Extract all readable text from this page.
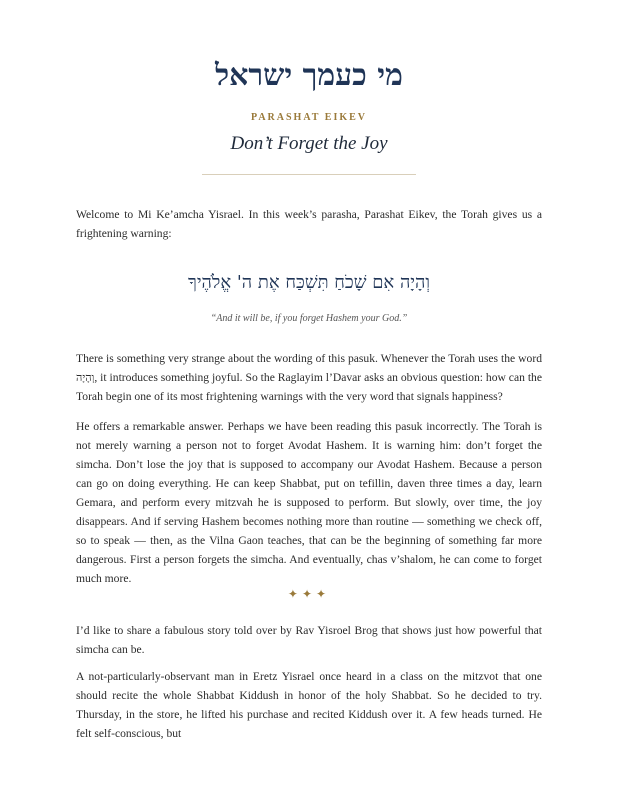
מי כעמך ישראל
PARASHAT EIKEV
Don’t Forget the Joy

Welcome to Mi Ke’amcha Yisrael. In this week’s parasha, Parashat Eikev, the Torah gives us a frightening warning:

וְהָיָה אִם שָׁכֹחַ תִּשְׁכַּח אֶת ה' אֱלֹהֶיךָ
“And it will be, if you forget Hashem your God.”

There is something very strange about the wording of this pasuk. Whenever the Torah uses the word וְהָיָה, it introduces something joyful. So the Raglayim l’Davar asks an obvious question: how can the Torah begin one of its most frightening warnings with the very word that signals happiness?

He offers a remarkable answer. Perhaps we have been reading this pasuk incorrectly. The Torah is not merely warning a person not to forget Avodat Hashem. It is warning him: don’t forget the simcha. Don’t lose the joy that is supposed to accompany our Avodat Hashem. Because a person can go on doing everything. He can keep Shabbat, put on tefillin, daven three times a day, learn Gemara, and perform every mitzvah he is supposed to perform. But slowly, over time, the joy disappears. And if serving Hashem becomes nothing more than routine — something we check off, so to speak — then, as the Vilna Gaon teaches, that can be the beginning of something far more dangerous. First a person forgets the simcha. And eventually, chas v’shalom, he can come to forget much more.

✦✦✦

I’d like to share a fabulous story told over by Rav Yisroel Brog that shows just how powerful that simcha can be.

A not-particularly-observant man in Eretz Yisrael once heard in a class on the mitzvot that one should recite the whole Shabbat Kiddush in honor of the holy Shabbat. So he decided to try. Thursday, in the store, he lifted his purchase and recited Kiddush over it. A few heads turned. He felt self-conscious, but
